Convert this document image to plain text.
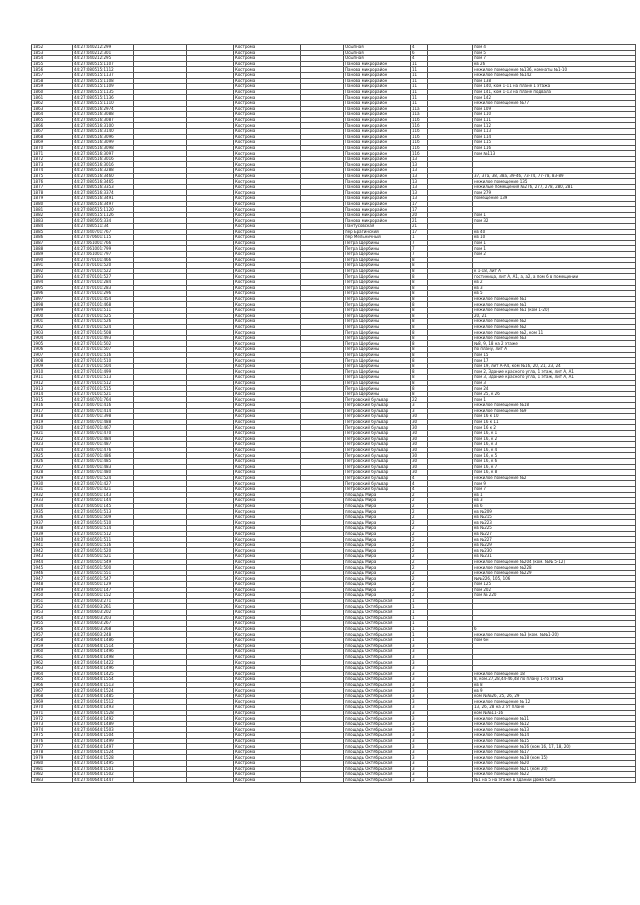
1852	44:27:040212:299			Кострома		Осыпная	4		пом 4
1853	44:27:040212:301			Кострома		Осыпная	6		пом 5
1854	44:27:040212:295			Кострома		Осыпная	4		пом 7
1855	44:27:080515:1107			Кострома		Панова микрорайон	11		кв 26
1856	44:27:080515:1112			Кострома		Панова микрорайон	11		нежилое помещение №136, комнаты №1-10
1857	44:27:080515:1137			Кострома		Панова микрорайон	11		нежилое помещение №142
1858	44:27:080515:1108			Кострома		Панова микрорайон	11		пом 138
1859	44:27:080515:1109			Кострома		Панова микрорайон	11		пом 140, ком 1-11 на плане 1 этажа
1860	44:27:080515:1135			Кострома		Панова микрорайон	11		пом 141, ком 1-13 на плане подвала
1861	44:27:080515:1136			Кострома		Панова микрорайон	11		пом 142
1862	44:27:080515:1110			Кострома		Панова микрорайон	11		нежилое помещение №77
1863	44:27:080516:2974			Кострома		Панова микрорайон	11а		пом 109
1864	44:27:080516:3088			Кострома		Панова микрорайон	11а		пом 110
1865	44:27:080516:3087			Кострома		Панова микрорайон	11б		пом 111
1866	44:27:080516:3100			Кострома		Панова микрорайон	11б		пом 112
1867	44:27:080516:3140			Кострома		Панова микрорайон	11б		пом 113
1868	44:27:080516:3096			Кострома		Панова микрорайон	11б		пом 114
1869	44:27:080516:3099			Кострома		Панова микрорайон	11б		пом 115
1870	44:27:080516:3098			Кострома		Панова микрорайон	11б		пом 116
1871	44:27:080516:3097			Кострома		Панова микрорайон	11б		пом №113
1872	44:27:080516:3016			Кострома		Панова микрорайон	13		
1873	44:27:080516:3016			Кострома		Панова микрорайон	13		
1874	44:27:080516:3288			Кострома		Панова микрорайон	13		
1875	44:27:080516:3460			Кострома		Панова микрорайон	13		37, 37а, 38, 38а, 39-46, 73-74, 77-78, 83-89
1876	44:27:080516:3465			Кострома		Панова микрорайон	13		нежилое помещение 135
1877	44:27:080516:3353			Кострома		Панова микрорайон	13		нежилые помещения №276, 277, 278, 280, 281
1878	44:27:080516:3374			Кострома		Панова микрорайон	13		пом 279
1879	44:27:080516:3491			Кострома		Панова микрорайон	13		помещение 139
1880	44:27:080516:3497			Кострома		Панова микрорайон	17		
1881	44:27:080515:1120			Кострома		Панова микрорайон	17		
1882	44:27:080515:1126			Кострома		Панова микрорайон	20		пом 1
1883	44:27:080505:334			Кострома		Панова микрорайон	21		пом 32
1884	44:27:080511:34			Кострома		Пантусовская	21		
1885	44:27:040701:767			Кострома		пер Брагинский	17		кв 40
1886	44:27:070601:115			Кострома		пер Мельничный	1		кв 10
1887	44:27:061001:766			Кострома		Петра Щербины	7		пом 1
1888	44:27:061001:799			Кострома		Петра Щербины	7		пом 1
1889	44:27:061001:797			Кострома		Петра Щербины	7		пом 2
1890	44:27:070101:466			Кострома		Петра Щербины	8		
1891	44:27:070101:520			Кострома		Петра Щербины	8		
1892	44:27:070101:522			Кострома		Петра Щербины	8		к 1-18, лит А
1893	44:27:070101:527			Кострома		Петра Щербины	8		гостиница, лит А, А1, а, а2, а пом 6 в помещении
1894	44:27:070101:284			Кострома		Петра Щербины	8		кв 2
1895	44:27:070101:283			Кострома		Петра Щербины	8		кв 3
1896	44:27:070101:296			Кострома		Петра Щербины	8		кв 5
1897	44:27:070101:454			Кострома		Петра Щербины	8		нежилое помещение №1
1898	44:27:070101:468			Кострома		Петра Щербины	8		нежилое помещение №1
1899	44:27:070101:511			Кострома		Петра Щербины	8		нежилое помещение №1 (ком 1-20)
1900	44:27:070101:525			Кострома		Петра Щербины	8		20, 21
1901	44:27:070101:526			Кострома		Петра Щербины	8		нежилое помещение №2
1902	44:27:070101:524			Кострома		Петра Щербины	8		нежилое помещение №2
1903	44:27:070101:508			Кострома		Петра Щербины	8		нежилое помещение №2, ком 11
1904	44:27:070101:493			Кострома		Петра Щербины	8		нежилое помещение №3
1905	44:27:070101:502			Кострома		Петра Щербины	8		№8, 9, 18 на 2 этаже
1906	44:27:070101:507			Кострома		Петра Щербины	8		по плану, лит А
1907	44:27:070101:516			Кострома		Петра Щербины	8		пом 15
1908	44:27:070101:510			Кострома		Петра Щербины	8		пом 17
1909	44:27:070101:504			Кострома		Петра Щербины	8		пом 19, лит А-А4, ком №16, 20, 21, 23, 24
1910	44:27:070101:499			Кострома		Петра Щербины	8		пом 2, Здание красного угла, 1 этаж, лит А, А1
1911	44:27:070101:513			Кострома		Петра Щербины	8		пом 3, Здание красного угла, 1 этаж, лит А, А1
1912	44:27:070101:512			Кострома		Петра Щербины	8		пом 3
1913	44:27:070101:515			Кострома		Петра Щербины	8		пом 24
1914	44:27:070101:521			Кострома		Петра Щербины	8		пом 25, к 26
1915	44:27:040701:764			Кострома		Петровский бульвар	22		пом 1
1916	44:27:040701:416			Кострома		Петровский бульвар	3		нежилое помещение №18
1917	44:27:040701:414			Кострома		Петровский бульвар	3		нежилое помещение №9
1918	44:27:040701:398			Кострома		Петровский бульвар	30		пом 16 к 10
1919	44:27:040701:488			Кострома		Петровский бульвар	30		пом 16 к 11
1920	44:27:040701:467			Кострома		Петровский бульвар	30		пом 16 к 2
1921	44:27:040701:470			Кострома		Петровский бульвар	30		пом 16, к 1
1922	44:27:040701:484			Кострома		Петровский бульвар	30		пом 16, к 2
1923	44:27:040701:487			Кострома		Петровский бульвар	30		пом 16, к 3
1924	44:27:040701:476			Кострома		Петровский бульвар	30		пом 16, к 4
1925	44:27:040701:486			Кострома		Петровский бульвар	30		пом 16, к 5
1926	44:27:040701:485			Кострома		Петровский бульвар	30		пом 16, к 6
1927	44:27:040701:483			Кострома		Петровский бульвар	30		пом 16, к 7
1928	44:27:040701:480			Кострома		Петровский бульвар	30		пом 16, к 8
1929	44:27:040701:524			Кострома		Петровский бульвар	4		нежилое помещение №2
1930	44:27:040701:427			Кострома		Петровский бульвар	4		пом 9
1931	44:27:040701:421			Кострома		Петровский бульвар	4		пом 7
1932	44:27:040501:143			Кострома		площадь Мира	2		кв 1
1933	44:27:040501:144			Кострома		площадь Мира	2		кв 3
1934	44:27:040501:145			Кострома		площадь Мира	2		кв 6
1935	44:27:040501:513			Кострома		площадь Мира	2		кв №209
1936	44:27:040501:509			Кострома		площадь Мира	2		кв №215
1937	44:27:040501:510			Кострома		площадь Мира	2		кв №223
1938	44:27:040501:514			Кострома		площадь Мира	2		кв №225
1939	44:27:040501:512			Кострома		площадь Мира	2		кв №227
1940	44:27:040501:511			Кострома		площадь Мира	2		кв №227
1941	44:27:040501:516			Кострома		площадь Мира	2		кв №229
1942	44:27:040501:520			Кострома		площадь Мира	2		кв №230
1943	44:27:040501:521			Кострома		площадь Мира	2		кв №231
1944	44:27:040501:549			Кострома		площадь Мира	2		нежилое помещение №204 (ком. №№ 5-12)
1945	44:27:040501:500			Кострома		площадь Мира	2		нежилое помещение №228
1946	44:27:040501:551			Кострома		площадь Мира	2		нежилое помещение №229
1947	44:27:040501:547			Кострома		площадь Мира	2		№№226, 105, 106
1948	44:27:040501:129			Кострома		площадь Мира	2		пом 125
1949	44:27:040501:147			Кострома		площадь Мира	2		пом 202
1950	44:27:040501:152			Кострома		площадь Мира	2		пом № 220
1951	44:27:040603:271			Кострома		площадь Октябрьская	1		
1952	44:27:040603:261			Кострома		площадь Октябрьская	1		
1953	44:27:040603:202			Кострома		площадь Октябрьская	1		
1954	44:27:040603:203			Кострома		площадь Октябрьская	1		
1955	44:27:040603:267			Кострома		площадь Октябрьская	1		
1956	44:27:040603:268			Кострома		площадь Октябрьская	1		6
1957	44:27:040603:248			Кострома		площадь Октябрьская	1		нежилое помещение №3 (ком. №№1-20)
1958	44:27:040644:1486			Кострома		площадь Октябрьская	1		пом 6н
1959	44:27:040644:1514			Кострома		площадь Октябрьская	3		
1960	44:27:040644:1496			Кострома		площадь Октябрьская	3		
1961	44:27:040644:1498			Кострома		площадь Октябрьская	3		
1962	44:27:040644:1422			Кострома		площадь Октябрьская	3		
1963	44:27:040644:1496			Кострома		площадь Октябрьская	3		
1964	44:27:040644:1425			Кострома		площадь Октябрьская	3		нежилое помещение 18
1965	44:27:040644:1554			Кострома		площадь Октябрьская	3		8, ком.27,28,44-46,48 по плану 1-го этажа
1966	44:27:040644:1513			Кострома		площадь Октябрьская	3		кв 8
1967	44:27:040644:1524			Кострома		площадь Октябрьская	3		кв 9
1968	44:27:040644:1485			Кострома		площадь Октябрьская	3		ком №№26, 25, 26, 29
1969	44:27:040644:1512			Кострома		площадь Октябрьская	3		нежилое помещение № 12
1970	44:27:040644:1493			Кострома		площадь Октябрьская	3		13, 26, 28 на 2 эт плане
1971	44:27:040644:1528			Кострома		площадь Октябрьская	3		ком №№11-16
1972	44:27:040644:1492			Кострома		площадь Октябрьская	3		нежилое помещение №11
1973	44:27:040644:1489			Кострома		площадь Октябрьская	3		нежилое помещение №12
1974	44:27:040644:1503			Кострома		площадь Октябрьская	3		нежилое помещение №13
1975	44:27:040644:1504			Кострома		площадь Октябрьская	3		нежилое помещение №14
1976	44:27:040644:1499			Кострома		площадь Октябрьская	3		нежилое помещение №15
1977	44:27:040644:1497			Кострома		площадь Октябрьская	3		нежилое помещение №16 (ком 16, 17, 18, 20)
1978	44:27:040644:1524			Кострома		площадь Октябрьская	3		нежилое помещение №17
1979	44:27:040644:1528			Кострома		площадь Октябрьская	3		нежилое помещение №18 (ком 15)
1980	44:27:040644:1495			Кострома		площадь Октябрьская	3		нежилое помещение №20
1981	44:27:040644:1501			Кострома		площадь Октябрьская	3		нежилое помещение №21 (ком 20)
1982	44:27:040644:1502			Кострома		площадь Октябрьская	3		нежилое помещение №22
1983	44:27:040644:1447			Кострома		площадь Октябрьская	3		№1 на 5 на этаже в здании Дома быта
